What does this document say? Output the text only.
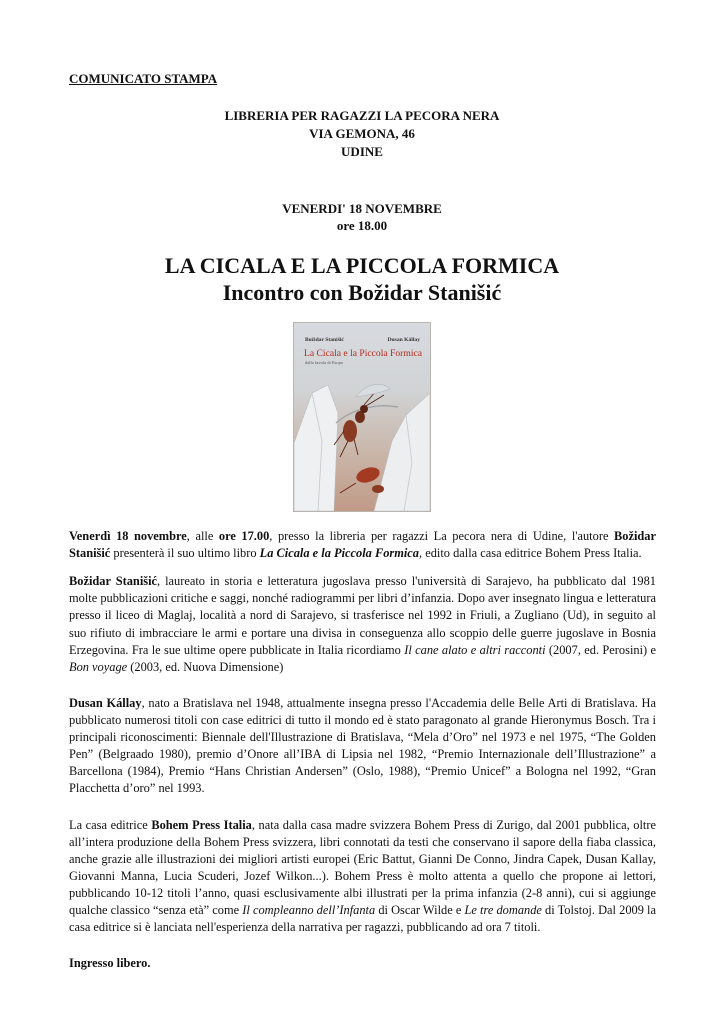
COMUNICATO STAMPA
LIBRERIA PER RAGAZZI LA PECORA NERA
VIA GEMONA, 46
UDINE
VENERDI' 18 NOVEMBRE
ore 18.00
LA CICALA E LA PICCOLA FORMICA
Incontro con Božidar Stanišić
Božidar Stanišić	Dusan Kállay
La Cicala e la Piccola Formica
dalla favola di Esopo

Venerdì 18 novembre, alle ore 17.00, presso la libreria per ragazzi La pecora nera di Udine, l'autore Božidar Stanišić presenterà il suo ultimo libro La Cicala e la Piccola Formica, edito dalla casa editrice Bohem Press Italia.

Božidar Stanišić, laureato in storia e letteratura jugoslava presso l'università di Sarajevo, ha pubblicato dal 1981 molte pubblicazioni critiche e saggi, nonché radiogrammi per libri d’infanzia. Dopo aver insegnato lingua e letteratura presso il liceo di Maglaj, località a nord di Sarajevo, si trasferisce nel 1992 in Friuli, a Zugliano (Ud), in seguito al suo rifiuto di imbracciare le armi e portare una divisa in conseguenza allo scoppio delle guerre jugoslave in Bosnia Erzegovina. Fra le sue ultime opere pubblicate in Italia ricordiamo Il cane alato e altri racconti (2007, ed. Perosini) e Bon voyage (2003, ed. Nuova Dimensione)

Dusan Kállay, nato a Bratislava nel 1948, attualmente insegna presso l'Accademia delle Belle Arti di Bratislava. Ha pubblicato numerosi titoli con case editrici di tutto il mondo ed è stato paragonato al grande Hieronymus Bosch. Tra i principali riconoscimenti: Biennale dell'Illustrazione di Bratislava, “Mela d’Oro” nel 1973 e nel 1975, “The Golden Pen” (Belgraado 1980), premio d’Onore all’IBA di Lipsia nel 1982, “Premio Internazionale dell’Illustrazione” a Barcellona (1984), Premio “Hans Christian Andersen” (Oslo, 1988), “Premio Unicef” a Bologna nel 1992, “Gran Placchetta d’oro” nel 1993.

La casa editrice Bohem Press Italia, nata dalla casa madre svizzera Bohem Press di Zurigo, dal 2001 pubblica, oltre all’intera produzione della Bohem Press svizzera, libri connotati da testi che conservano il sapore della fiaba classica, anche grazie alle illustrazioni dei migliori artisti europei (Eric Battut, Gianni De Conno, Jindra Capek, Dusan Kallay, Giovanni Manna, Lucia Scuderi, Jozef Wilkon...). Bohem Press è molto attenta a quello che propone ai lettori, pubblicando 10-12 titoli l’anno, quasi esclusivamente albi illustrati per la prima infanzia (2-8 anni), cui si aggiunge qualche classico “senza età” come Il compleanno dell’Infanta di Oscar Wilde e Le tre domande di Tolstoj. Dal 2009 la casa editrice si è lanciata nell'esperienza della narrativa per ragazzi, pubblicando ad ora 7 titoli.

Ingresso libero.
